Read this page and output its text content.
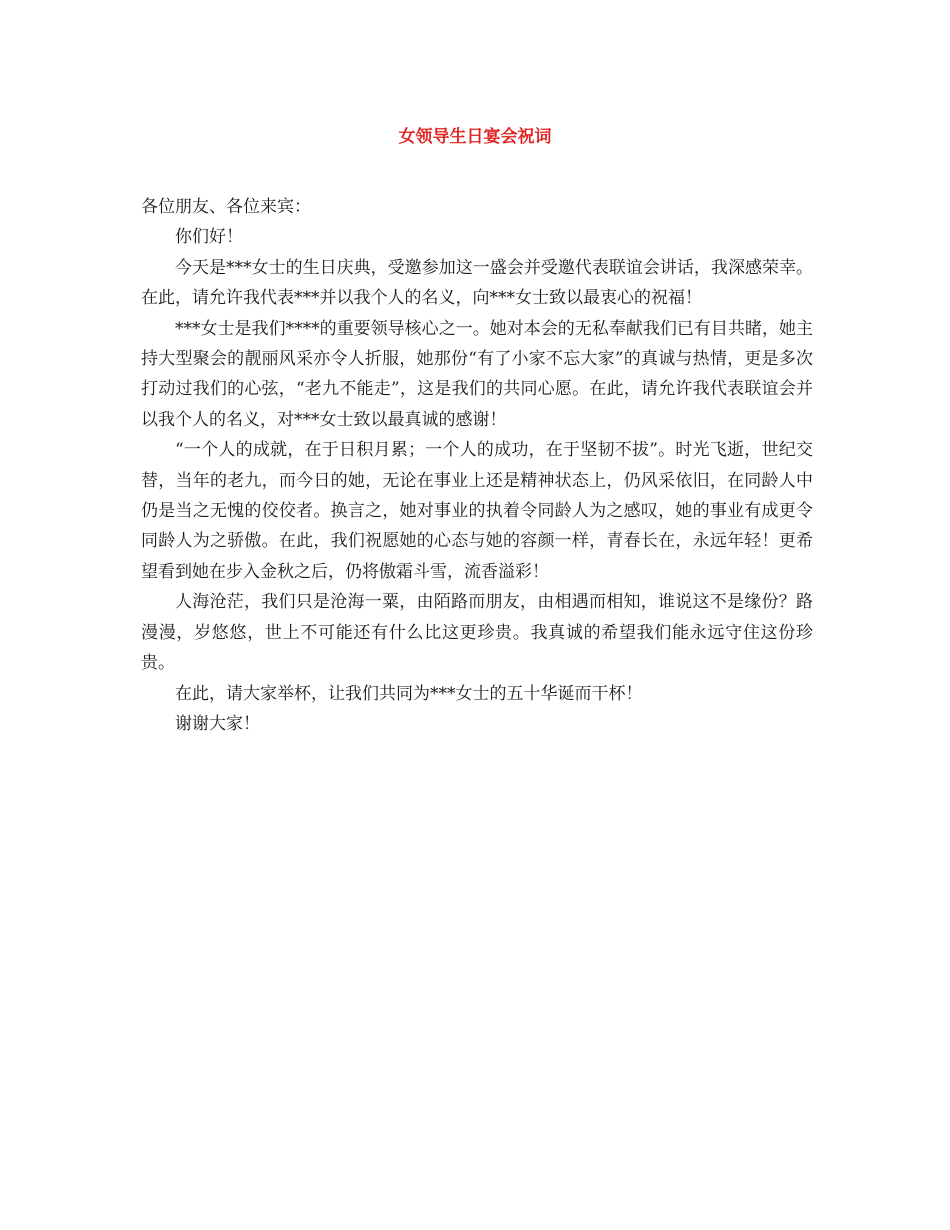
女领导生日宴会祝词

各位朋友、各位来宾：

你们好！

今天是***女士的生日庆典，受邀参加这一盛会并受邀代表联谊会讲话，我深感荣幸。在此，请允许我代表***并以我个人的名义，向***女士致以最衷心的祝福！

***女士是我们****的重要领导核心之一。她对本会的无私奉献我们已有目共睹，她主持大型聚会的靓丽风采亦令人折服，她那份“有了小家不忘大家”的真诚与热情，更是多次打动过我们的心弦，“老九不能走”，这是我们的共同心愿。在此，请允许我代表联谊会并以我个人的名义，对***女士致以最真诚的感谢！

“一个人的成就，在于日积月累；一个人的成功，在于坚韧不拔”。时光飞逝，世纪交替，当年的老九，而今日的她，无论在事业上还是精神状态上，仍风采依旧，在同龄人中仍是当之无愧的佼佼者。换言之，她对事业的执着令同龄人为之感叹，她的事业有成更令同龄人为之骄傲。在此，我们祝愿她的心态与她的容颜一样，青春长在，永远年轻！更希望看到她在步入金秋之后，仍将傲霜斗雪，流香溢彩！

人海沧茫，我们只是沧海一粟，由陌路而朋友，由相遇而相知，谁说这不是缘份？路漫漫，岁悠悠，世上不可能还有什么比这更珍贵。我真诚的希望我们能永远守住这份珍贵。

在此，请大家举杯，让我们共同为***女士的五十华诞而干杯！

谢谢大家！
